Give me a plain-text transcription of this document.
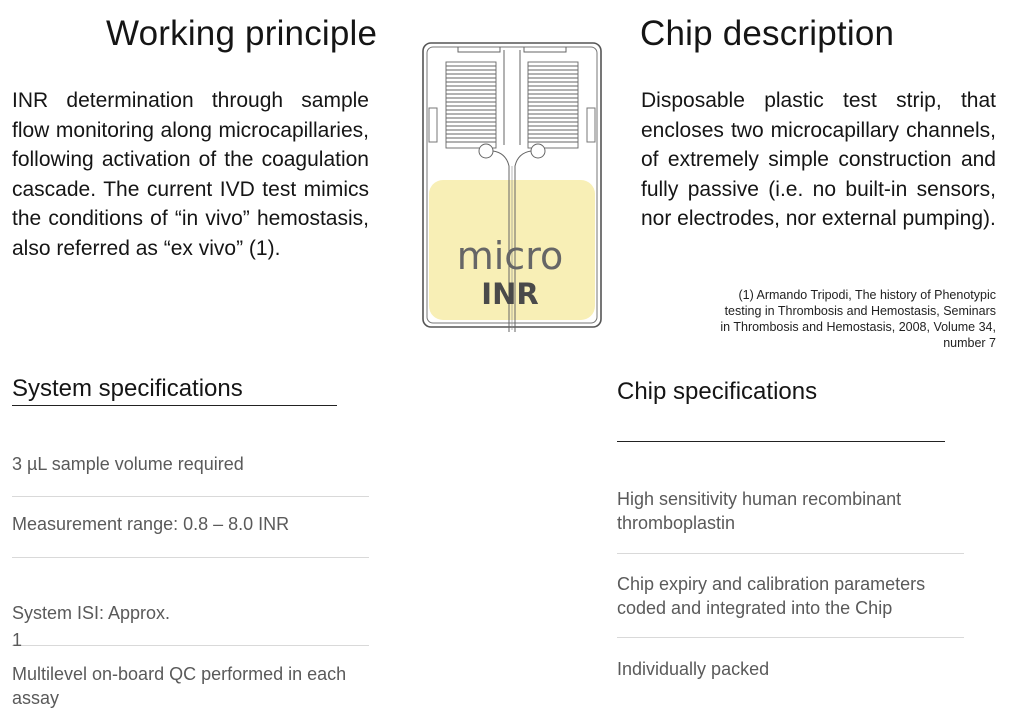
Working principle
INR determination through sample flow monitoring along microcapillaries, following activation of the coagulation cascade. The current IVD test mimics the conditions of “in vivo” hemostasis, also referred as “ex vivo” (1).	micro
INR
Chip description
Disposable plastic test strip, that encloses two microcapillary channels, of extremely simple construction and fully passive (i.e. no built-in sensors, nor electrodes, nor external pumping).
(1) Armando Tripodi, The history of Phenotypic testing in Thrombosis and Hemostasis, Seminars in Thrombosis and Hemostasis, 2008, Volume 34, number 7
System specifications
3 µL sample volume required
Measurement range: 0.8 – 8.0 INR

System ISI: Approx.
1

Multilevel on-board QC performed in each assay
Chip specifications
High sensitivity human recombinant thromboplastin
Chip expiry and calibration parameters coded and integrated into the Chip
Individually packed
